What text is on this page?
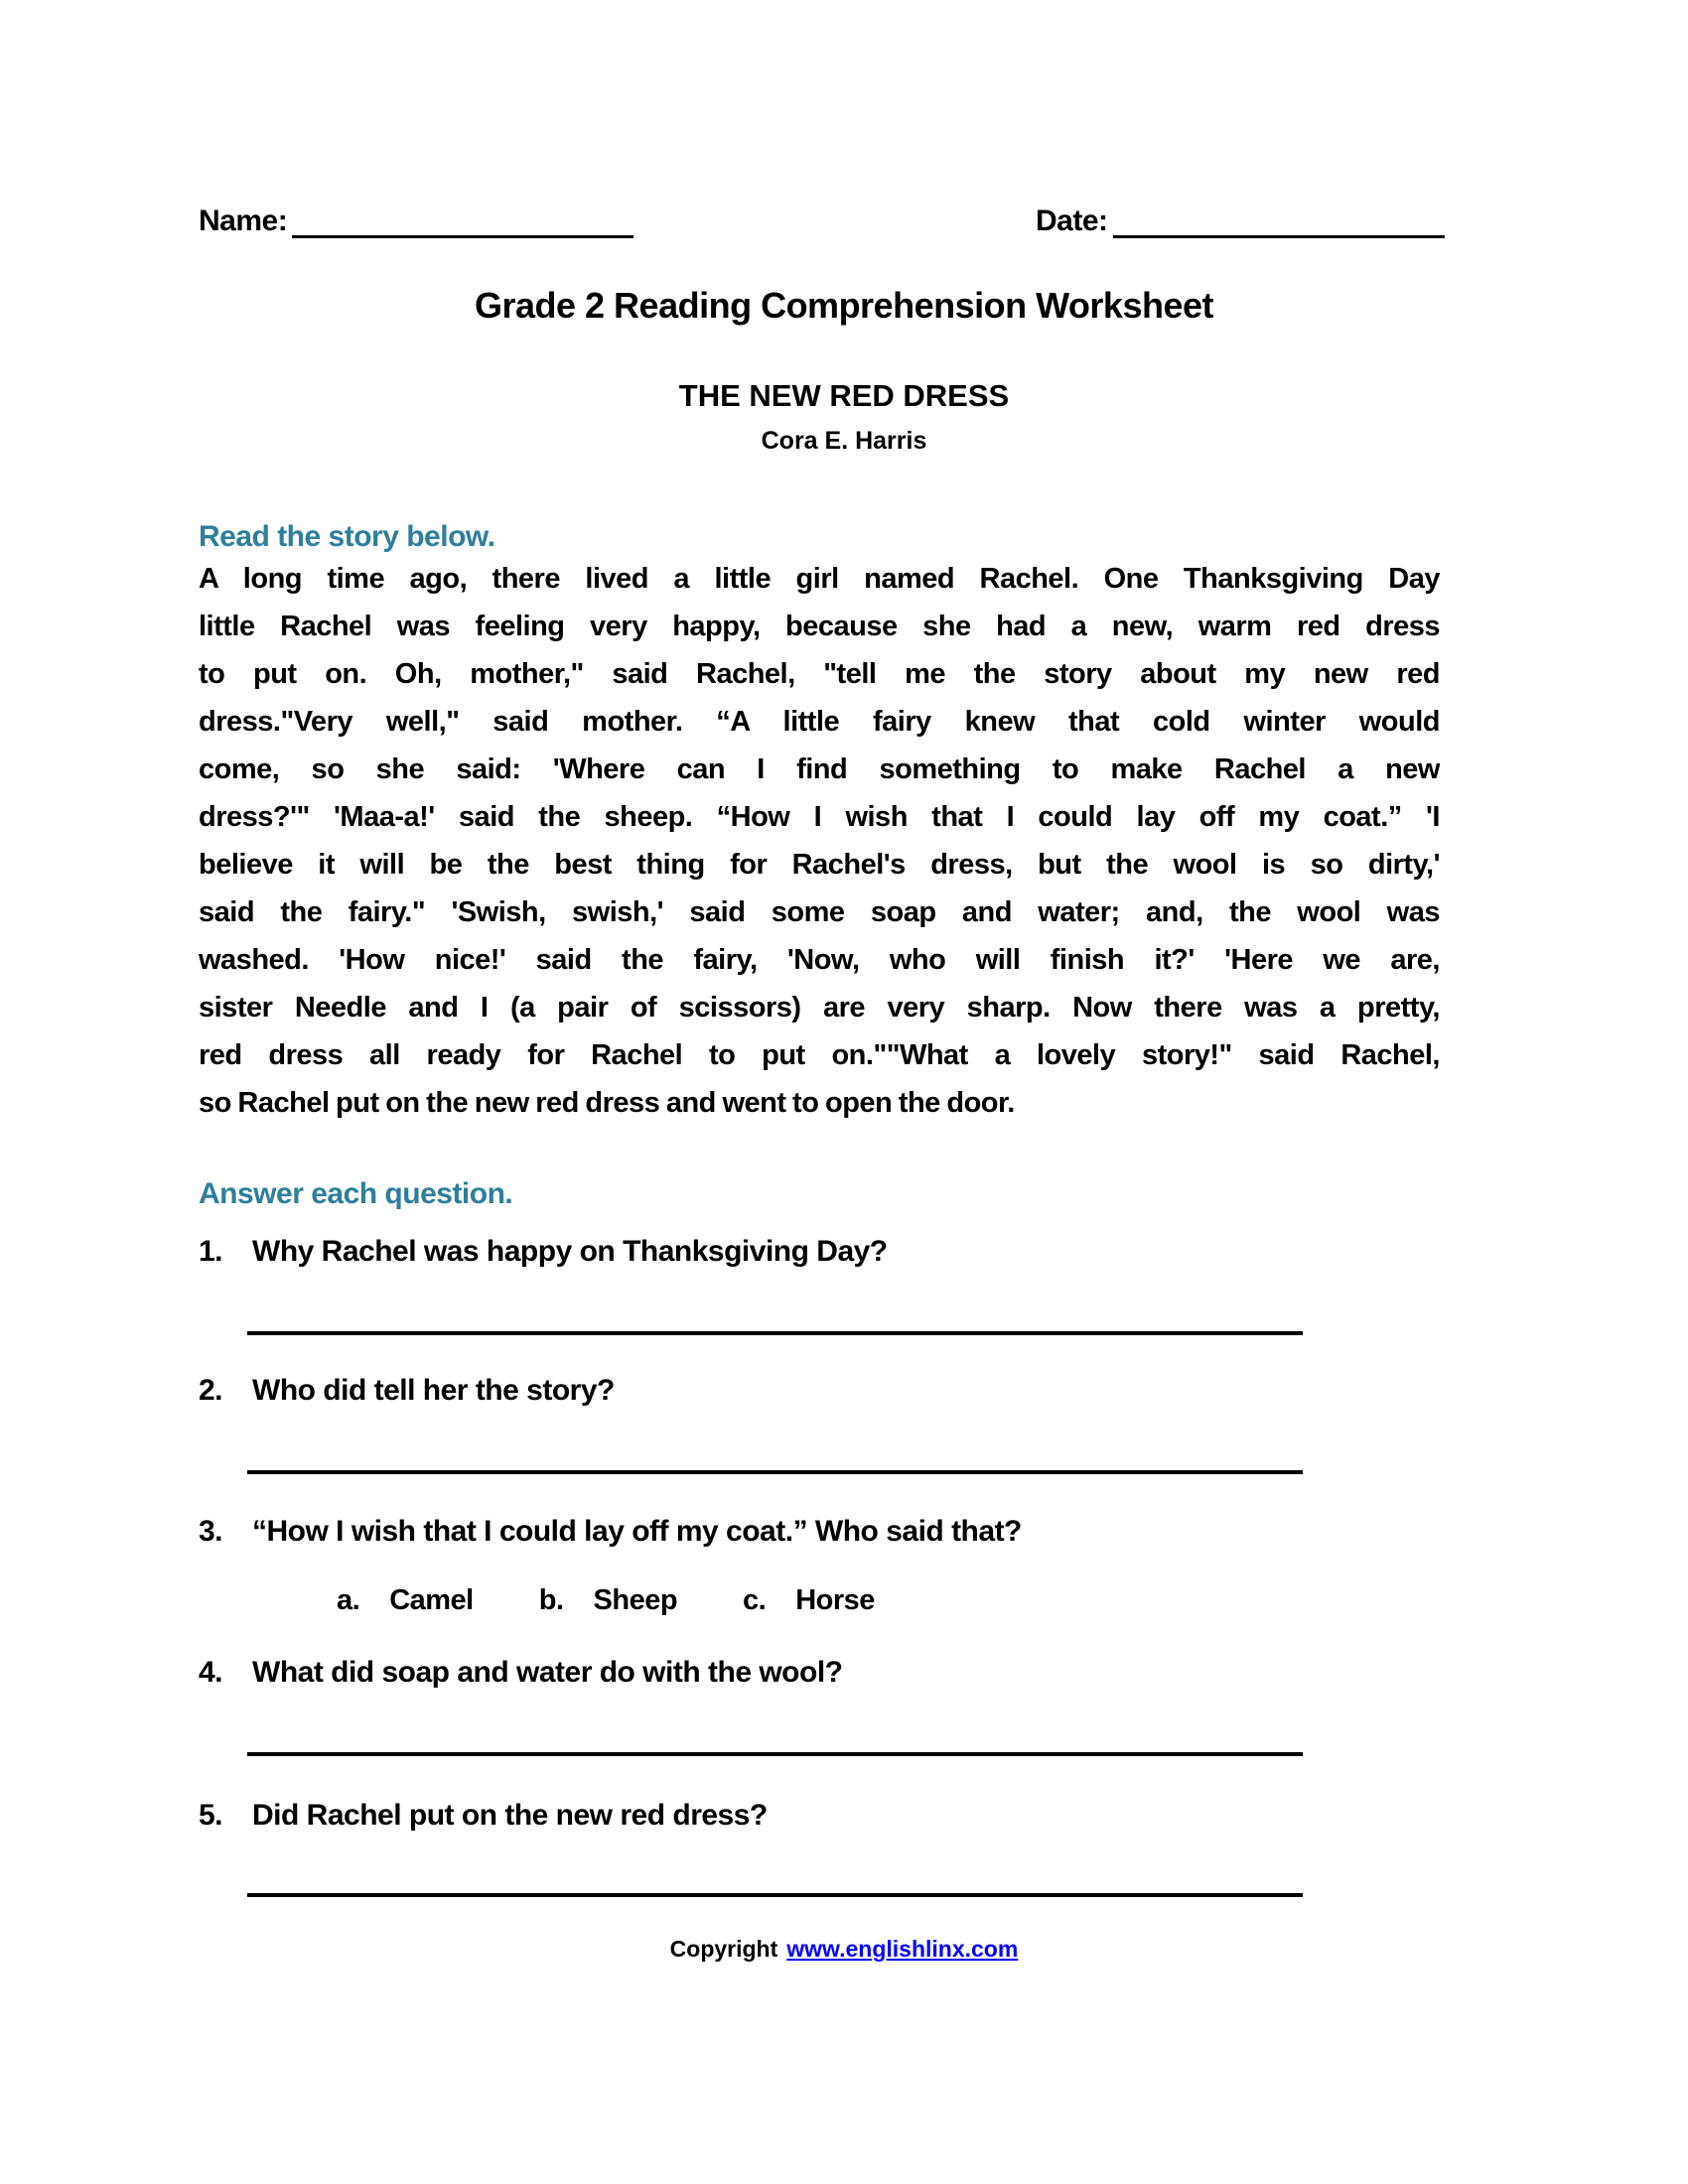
Name:	Date:
Grade 2 Reading Comprehension Worksheet
THE NEW RED DRESS
Cora E. Harris
Read the story below.
A long time ago, there lived a little girl named Rachel. One Thanksgiving Day
little Rachel was feeling very happy, because she had a new, warm red dress
to put on. Oh, mother," said Rachel, "tell me the story about my new red
dress."Very well," said mother. “A little fairy knew that cold winter would
come, so she said: 'Where can I find something to make Rachel a new
dress?'" 'Maa-a!' said the sheep. “How I wish that I could lay off my coat.” 'I
believe it will be the best thing for Rachel's dress, but the wool is so dirty,'
said the fairy." 'Swish, swish,' said some soap and water; and, the wool was
washed. 'How nice!' said the fairy, 'Now, who will finish it?' 'Here we are,
sister Needle and I (a pair of scissors) are very sharp. Now there was a pretty,
red dress all ready for Rachel to put on.""What a lovely story!" said Rachel,
so Rachel put on the new red dress and went to open the door.
Answer each question.
1. Why Rachel was happy on Thanksgiving Day?
2. Who did tell her the story?
3. “How I wish that I could lay off my coat.” Who said that?
a. Camel b. Sheep c. Horse
4. What did soap and water do with the wool?
5. Did Rachel put on the new red dress?
Copyright www.englishlinx.com
